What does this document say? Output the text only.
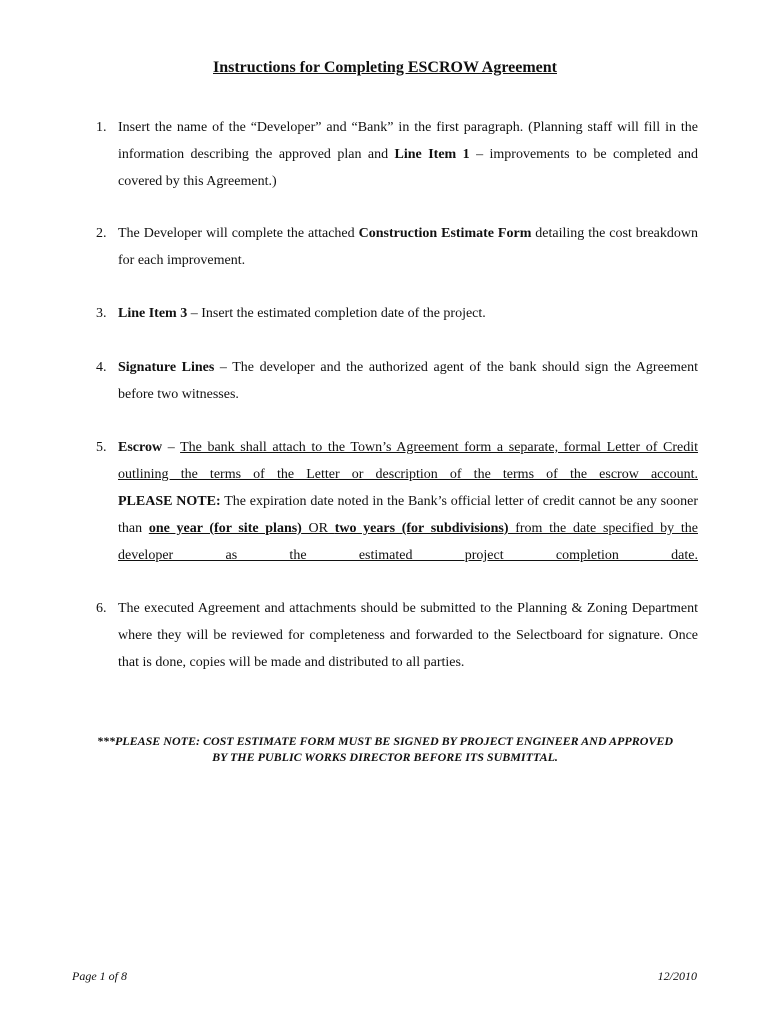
Instructions for Completing ESCROW Agreement
1. Insert the name of the “Developer” and “Bank” in the first paragraph. (Planning staff will fill in the information describing the approved plan and Line Item 1 – improvements to be completed and covered by this Agreement.)
2. The Developer will complete the attached Construction Estimate Form detailing the cost breakdown for each improvement.
3. Line Item 3 – Insert the estimated completion date of the project.
4. Signature Lines – The developer and the authorized agent of the bank should sign the Agreement before two witnesses.
5. Escrow – The bank shall attach to the Town’s Agreement form a separate, formal Letter of Credit outlining the terms of the Letter or description of the terms of the escrow account.
PLEASE NOTE: The expiration date noted in the Bank’s official letter of credit cannot be any sooner than one year (for site plans) OR two years (for subdivisions) from the date specified by the developer as the estimated project completion date.
6. The executed Agreement and attachments should be submitted to the Planning & Zoning Department where they will be reviewed for completeness and forwarded to the Selectboard for signature. Once that is done, copies will be made and distributed to all parties.
***PLEASE NOTE: COST ESTIMATE FORM MUST BE SIGNED BY PROJECT ENGINEER AND APPROVED
BY THE PUBLIC WORKS DIRECTOR BEFORE ITS SUBMITTAL.
Page 1 of 8	12/2010
